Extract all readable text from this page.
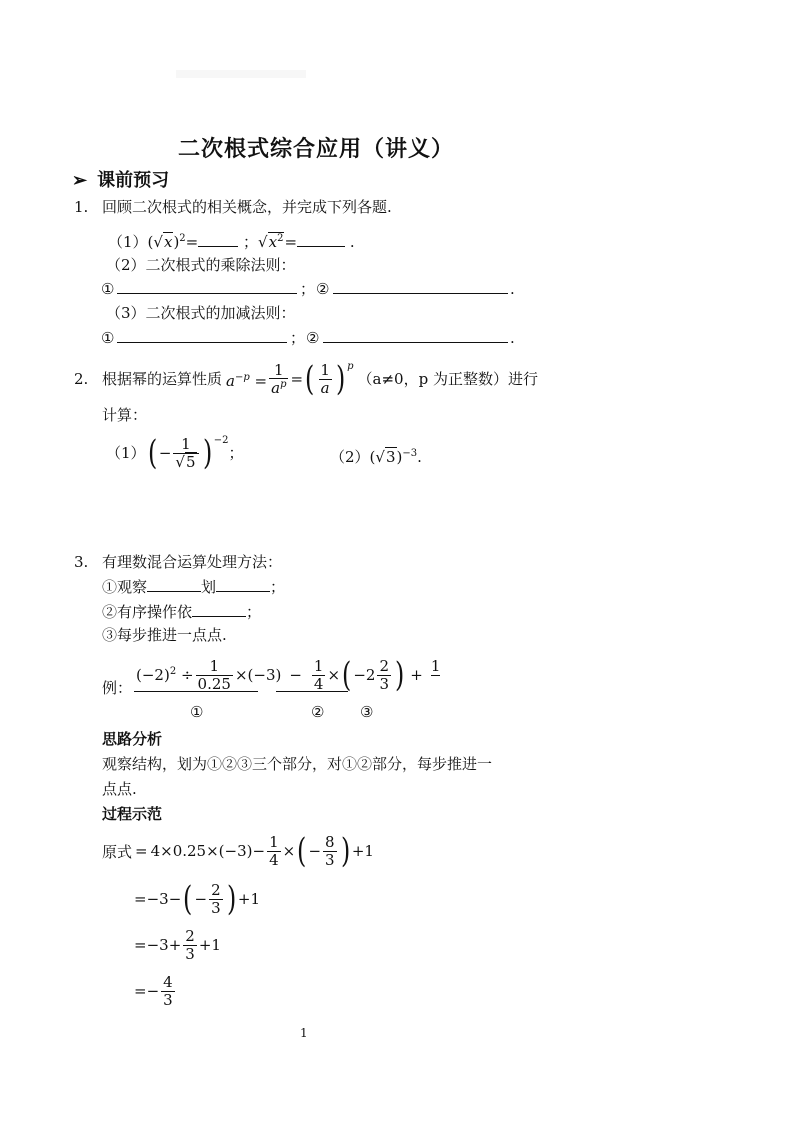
二次根式综合应用（讲义）
➢ 课前预习
1. 回顾二次根式的相关概念，并完成下列各题.
$(1)(√x)^2=$	；$√x^2=$	.
（2）二次根式的乘除法则：
①	； ②	.
（3）二次根式的加减法则：
①	； ②	.
2. 根据幂的运算性质 $a^{-p} = \frac{1}{a^p}$ = ( $\frac{1}{a}$ ) $^p$
（a≠0，p 为正整数）进行
计算：
（1） ( − $\frac{1}{√5} )^{-2}$
；	$(2)(√3)^{-3}$.
3. 有理数混合运算处理方法：
①观察	划	；
②有序操作依	；
③每步推进一点点.
例：
$(-2)^2 \div \frac{1}{0.25} \times(-3) - \frac{1}{4}$ × ( $-2 \frac{2}{3}$ ) + 1

①	② ③
思路分析
观察结构，划为①②③三个部分，对①②部分，每步推进一
点点.
过程示范
原式 = $4\times 0.25\times(-3)- \frac{1}{4}$ × ( − $\frac{8}{3}$ ) +1
= −3− ( − $\frac{2}{3}$ ) +1
= $-3+ \frac{2}{3} +1$
= − $\frac{4}{3}$
1
